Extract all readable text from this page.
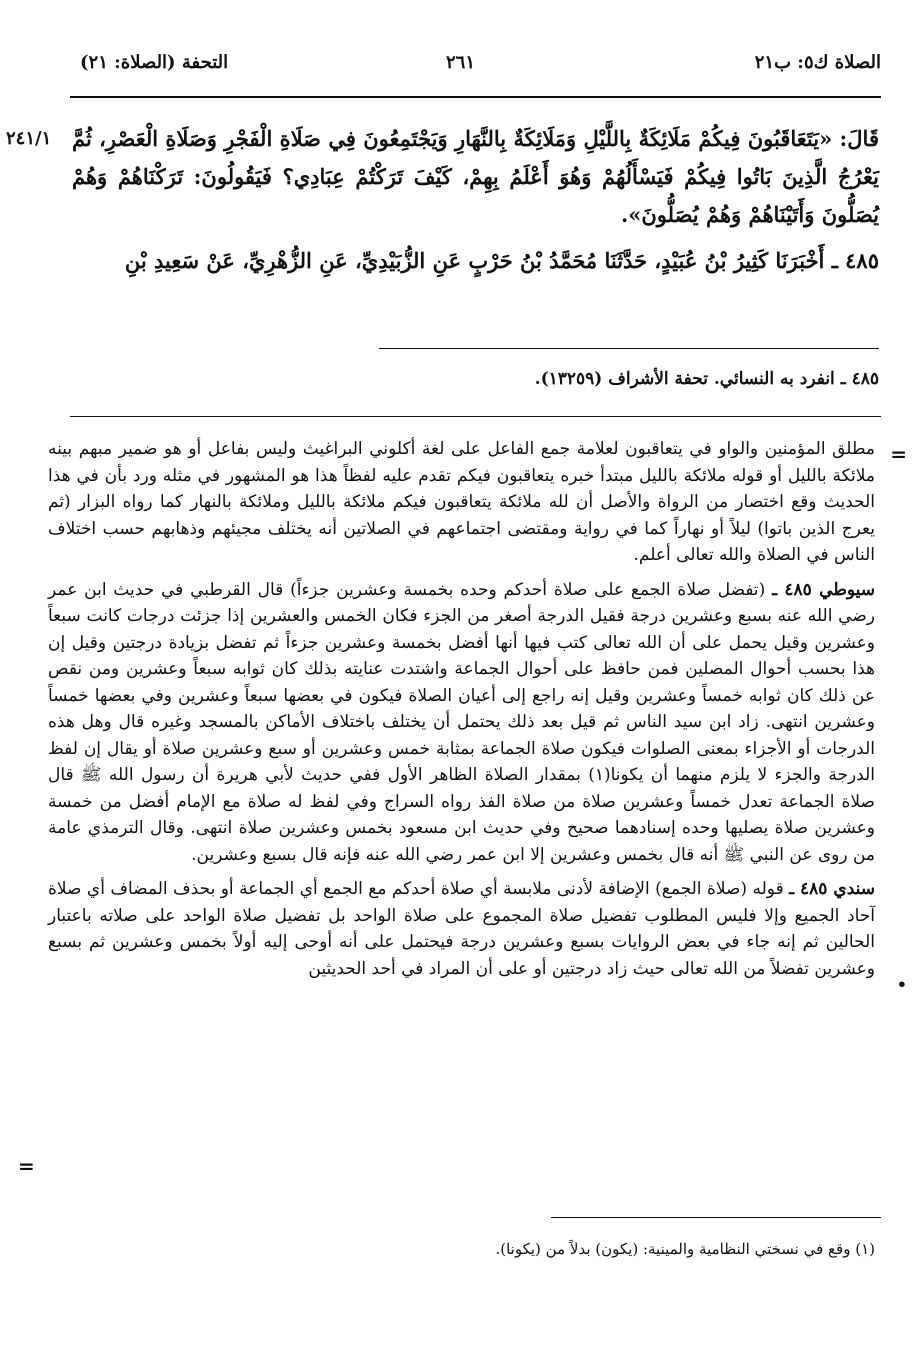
الصلاة ك٥: ب٢١
٢٦١
التحفة (الصلاة: ٢١)
٢٤١/١ قَالَ: «يَتَعَاقَبُونَ فِيكُمْ مَلَائِكَةٌ بِاللَّيْلِ وَمَلَائِكَةٌ بِالنَّهَارِ وَيَجْتَمِعُونَ فِي صَلَاةِ الْفَجْرِ وَصَلَاةِ الْعَصْرِ، ثُمَّ يَعْرُجُ الَّذِينَ بَاتُوا فِيكُمْ فَيَسْأَلُهُمْ وَهُوَ أَعْلَمُ بِهِمْ، كَيْفَ تَرَكْتُمْ عِبَادِي؟ فَيَقُولُونَ: تَرَكْنَاهُمْ وَهُمْ يُصَلُّونَ وَأَتَيْنَاهُمْ وَهُمْ يُصَلُّونَ».

٤٨٥ ـ أَخْبَرَنَا كَثِيرُ بْنُ عُبَيْدٍ، حَدَّثَنَا مُحَمَّدُ بْنُ حَرْبٍ عَنِ الزُّبَيْدِيِّ، عَنِ الزُّهْرِيِّ، عَنْ سَعِيدِ بْنِ

٤٨٥ ـ انفرد به النسائي. تحفة الأشراف (١٣٢٥٩).
=
•
=

مطلق المؤمنين والواو في يتعاقبون لعلامة جمع الفاعل على لغة أكلوني البراغيث وليس بفاعل أو هو ضمير مبهم بينه ملائكة بالليل أو قوله ملائكة بالليل مبتدأ خبره يتعاقبون فيكم تقدم عليه لفظاً هذا هو المشهور في مثله ورد بأن في هذا الحديث وقع اختصار من الرواة والأصل أن لله ملائكة يتعاقبون فيكم ملائكة بالليل وملائكة بالنهار كما رواه البزار (ثم يعرج الذين باتوا) ليلاً أو نهاراً كما في رواية ومقتضى اجتماعهم في الصلاتين أنه يختلف مجيئهم وذهابهم حسب اختلاف الناس في الصلاة والله تعالى أعلم.

سيوطي ٤٨٥ ـ (تفضل صلاة الجمع على صلاة أحدكم وحده بخمسة وعشرين جزءاً) قال القرطبي في حديث ابن عمر رضي الله عنه بسبع وعشرين درجة فقيل الدرجة أصغر من الجزء فكان الخمس والعشرين إذا جزئت درجات كانت سبعاً وعشرين وقيل يحمل على أن الله تعالى كتب فيها أنها أفضل بخمسة وعشرين جزءاً ثم تفضل بزيادة درجتين وقيل إن هذا بحسب أحوال المصلين فمن حافظ على أحوال الجماعة واشتدت عنايته بذلك كان ثوابه سبعاً وعشرين ومن نقص عن ذلك كان ثوابه خمساً وعشرين وقيل إنه راجع إلى أعيان الصلاة فيكون في بعضها سبعاً وعشرين وفي بعضها خمساً وعشرين انتهى. زاد ابن سيد الناس ثم قيل بعد ذلك يحتمل أن يختلف باختلاف الأماكن بالمسجد وغيره قال وهل هذه الدرجات أو الأجزاء بمعنى الصلوات فيكون صلاة الجماعة بمثابة خمس وعشرين أو سبع وعشرين صلاة أو يقال إن لفظ الدرجة والجزء لا يلزم منهما أن يكونا(١) بمقدار الصلاة الظاهر الأول ففي حديث لأبي هريرة أن رسول الله ﷺ قال صلاة الجماعة تعدل خمساً وعشرين صلاة من صلاة الفذ رواه السراج وفي لفظ له صلاة مع الإمام أفضل من خمسة وعشرين صلاة يصليها وحده إسنادهما صحيح وفي حديث ابن مسعود بخمس وعشرين صلاة انتهى. وقال الترمذي عامة من روى عن النبي ﷺ أنه قال بخمس وعشرين إلا ابن عمر رضي الله عنه فإنه قال بسبع وعشرين.

سندي ٤٨٥ ـ قوله (صلاة الجمع) الإضافة لأدنى ملابسة أي صلاة أحدكم مع الجمع أي الجماعة أو بحذف المضاف أي صلاة آحاد الجميع وإلا فليس المطلوب تفضيل صلاة المجموع على صلاة الواحد بل تفضيل صلاة الواحد على صلاته باعتبار الحالين ثم إنه جاء في بعض الروايات بسبع وعشرين درجة فيحتمل على أنه أوحى إليه أولاً بخمس وعشرين ثم بسبع وعشرين تفضلاً من الله تعالى حيث زاد درجتين أو على أن المراد في أحد الحديثين

(١) وقع في نسختي النظامية والمينية: (يكون) بدلاً من (يكونا).
